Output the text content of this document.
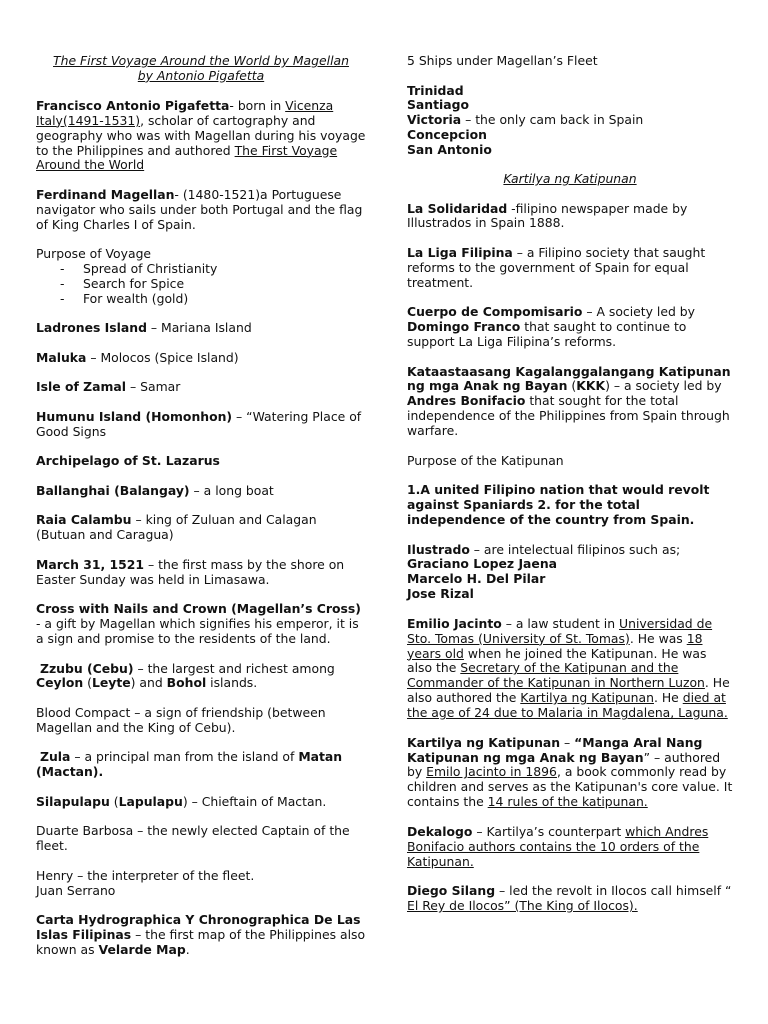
The First Voyage Around the World by Magellan
by Antonio Pigafetta

Francisco Antonio Pigafetta- born in Vicenza Italy(1491-1531), scholar of cartography and geography who was with Magellan during his voyage to the Philippines and authored The First Voyage Around the World

Ferdinand Magellan- (1480-1521)a Portuguese navigator who sails under both Portugal and the flag of King Charles I of Spain.

Purpose of Voyage
- Spread of Christianity
- Search for Spice
- For wealth (gold)

Ladrones Island – Mariana Island

Maluka – Molocos (Spice Island)

Isle of Zamal – Samar

Humunu Island (Homonhon) – “Watering Place of Good Signs

Archipelago of St. Lazarus

Ballanghai (Balangay) – a long boat

Raia Calambu – king of Zuluan and Calagan (Butuan and Caragua)

March 31, 1521 – the first mass by the shore on Easter Sunday was held in Limasawa.

Cross with Nails and Crown (Magellan’s Cross) - a gift by Magellan which signifies his emperor, it is a sign and promise to the residents of the land.

Zzubu (Cebu) – the largest and richest among Ceylon (Leyte) and Bohol islands.

Blood Compact – a sign of friendship (between Magellan and the King of Cebu).

Zula – a principal man from the island of Matan (Mactan).

Silapulapu (Lapulapu) – Chieftain of Mactan.

Duarte Barbosa – the newly elected Captain of the fleet.

Henry – the interpreter of the fleet.

Juan Serrano

Carta Hydrographica Y Chronographica De Las Islas Filipinas – the first map of the Philippines also known as Velarde Map.

5 Ships under Magellan’s Fleet

Trinidad
Santiago
Victoria – the only cam back in Spain
Concepcion
San Antonio

Kartilya ng Katipunan

La Solidaridad -filipino newspaper made by Illustrados in Spain 1888.

La Liga Filipina – a Filipino society that saught reforms to the government of Spain for equal treatment.

Cuerpo de Compomisario – A society led by Domingo Franco that saught to continue to support La Liga Filipina’s reforms.

Kataastaasang Kagalanggalangang Katipunan ng mga Anak ng Bayan (KKK) – a society led by Andres Bonifacio that sought for the total independence of the Philippines from Spain through warfare.

Purpose of the Katipunan

1.A united Filipino nation that would revolt against Spaniards 2. for the total independence of the country from Spain.

Ilustrado – are intelectual filipinos such as;

Graciano Lopez Jaena
Marcelo H. Del Pilar
Jose Rizal

Emilio Jacinto – a law student in Universidad de Sto. Tomas (University of St. Tomas). He was 18 years old when he joined the Katipunan. He was also the Secretary of the Katipunan and the Commander of the Katipunan in Northern Luzon. He also authored the Kartilya ng Katipunan. He died at the age of 24 due to Malaria in Magdalena, Laguna.

Kartilya ng Katipunan – “Manga Aral Nang Katipunan ng mga Anak ng Bayan” – authored by Emilo Jacinto in 1896, a book commonly read by children and serves as the Katipunan's core value. It contains the 14 rules of the katipunan.

Dekalogo – Kartilya’s counterpart which Andres Bonifacio authors contains the 10 orders of the Katipunan.

Diego Silang – led the revolt in Ilocos call himself “ El Rey de Ilocos” (The King of Ilocos).
